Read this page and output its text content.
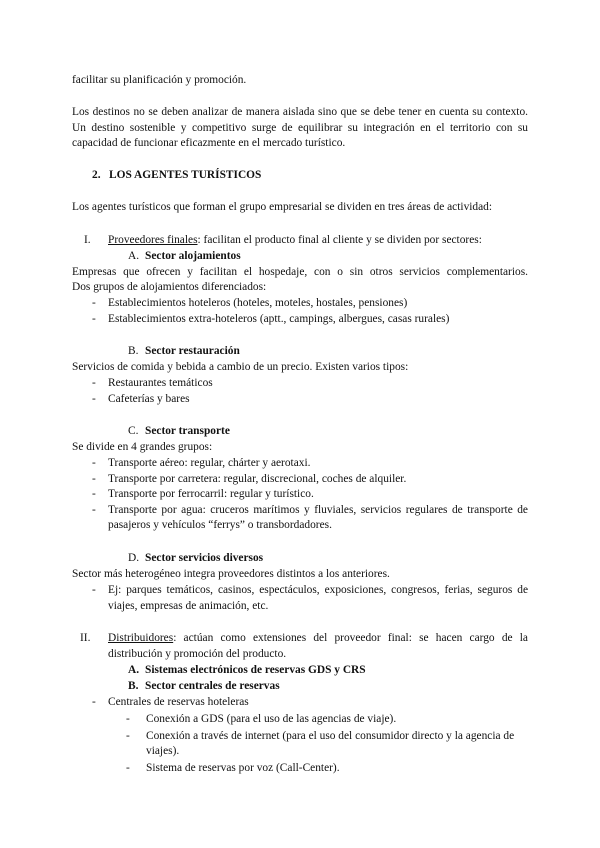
facilitar su planificación y promoción.
Los destinos no se deben analizar de manera aislada sino que se debe tener en cuenta su contexto. Un destino sostenible y competitivo surge de equilibrar su integración en el territorio con su capacidad de funcionar eficazmente en el mercado turístico.
2. LOS AGENTES TURÍSTICOS
Los agentes turísticos que forman el grupo empresarial se dividen en tres áreas de actividad:
I. Proveedores finales: facilitan el producto final al cliente y se dividen por sectores:
A. Sector alojamientos
Empresas que ofrecen y facilitan el hospedaje, con o sin otros servicios complementarios.
Dos grupos de alojamientos diferenciados:
-	Establecimientos hoteleros (hoteles, moteles, hostales, pensiones)
-	Establecimientos extra-hoteleros (aptt., campings, albergues, casas rurales)
B. Sector restauración
Servicios de comida y bebida a cambio de un precio. Existen varios tipos:
-	Restaurantes temáticos
-	Cafeterías y bares
C. Sector transporte
Se divide en 4 grandes grupos:
-	Transporte aéreo: regular, chárter y aerotaxi.
-	Transporte por carretera: regular, discrecional, coches de alquiler.
-	Transporte por ferrocarril: regular y turístico.
-	Transporte por agua: cruceros marítimos y fluviales, servicios regulares de transporte de pasajeros y vehículos “ferrys” o transbordadores.
D. Sector servicios diversos
Sector más heterogéneo integra proveedores distintos a los anteriores.
-	Ej: parques temáticos, casinos, espectáculos, exposiciones, congresos, ferias, seguros de viajes, empresas de animación, etc.
II. Distribuidores: actúan como extensiones del proveedor final: se hacen cargo de la distribución y promoción del producto.
A. Sistemas electrónicos de reservas GDS y CRS
B. Sector centrales de reservas
-	Centrales de reservas hoteleras
-	Conexión a GDS (para el uso de las agencias de viaje).
-	Conexión a través de internet (para el uso del consumidor directo y la agencia de viajes).
-	Sistema de reservas por voz (Call-Center).
